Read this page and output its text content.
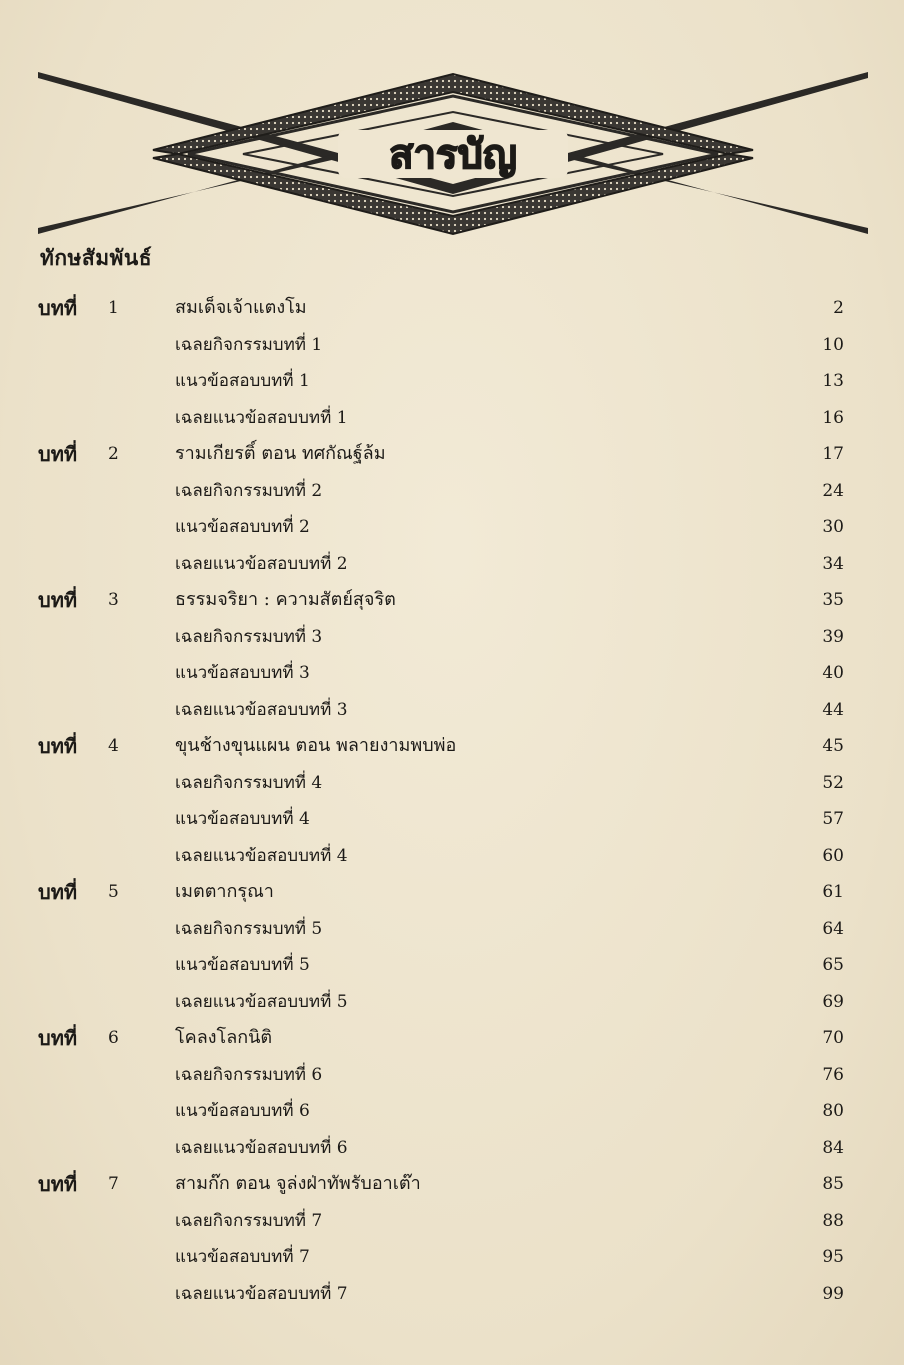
สารบัญ
ทักษสัมพันธ์
บทที่ 1	สมเด็จเจ้าแตงโม	2
เฉลยกิจกรรมบทที่ 1	10
แนวข้อสอบบทที่ 1	13
เฉลยแนวข้อสอบบทที่ 1	16
บทที่ 2	รามเกียรติ์ ตอน ทศกัณฐ์ล้ม	17
เฉลยกิจกรรมบทที่ 2	24
แนวข้อสอบบทที่ 2	30
เฉลยแนวข้อสอบบทที่ 2	34
บทที่ 3	ธรรมจริยา : ความสัตย์สุจริต	35
เฉลยกิจกรรมบทที่ 3	39
แนวข้อสอบบทที่ 3	40
เฉลยแนวข้อสอบบทที่ 3	44
บทที่ 4	ขุนช้างขุนแผน ตอน พลายงามพบพ่อ	45
เฉลยกิจกรรมบทที่ 4	52
แนวข้อสอบบทที่ 4	57
เฉลยแนวข้อสอบบทที่ 4	60
บทที่ 5	เมตตากรุณา	61
เฉลยกิจกรรมบทที่ 5	64
แนวข้อสอบบทที่ 5	65
เฉลยแนวข้อสอบบทที่ 5	69
บทที่ 6	โคลงโลกนิติ	70
เฉลยกิจกรรมบทที่ 6	76
แนวข้อสอบบทที่ 6	80
เฉลยแนวข้อสอบบทที่ 6	84
บทที่ 7	สามก๊ก ตอน จูล่งฝ่าทัพรับอาเต๊า	85
เฉลยกิจกรรมบทที่ 7	88
แนวข้อสอบบทที่ 7	95
เฉลยแนวข้อสอบบทที่ 7	99
